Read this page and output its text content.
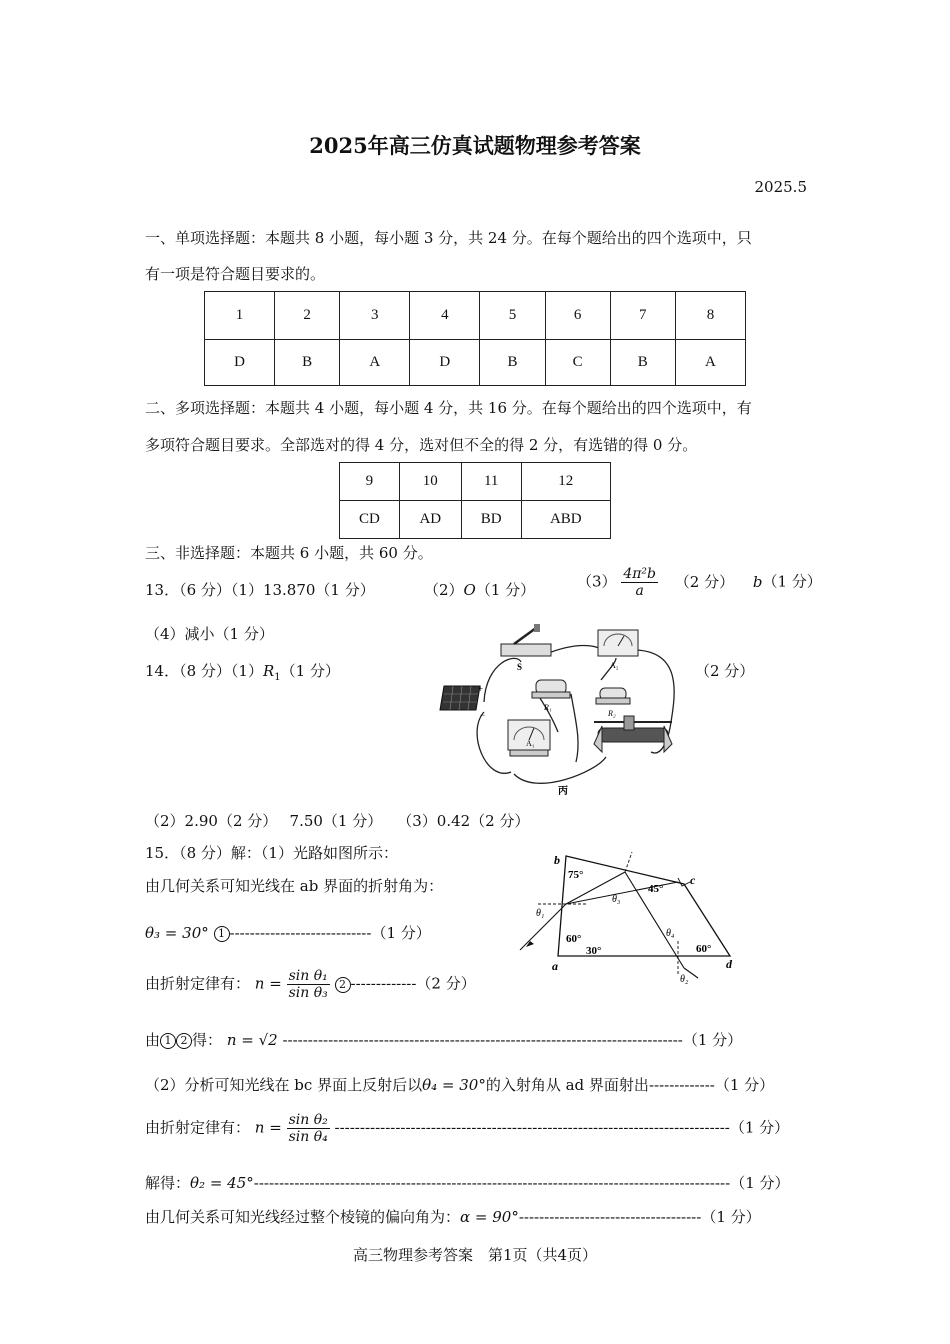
2025年高三仿真试题物理参考答案
2025.5
一、单项选择题：本题共 8 小题，每小题 3 分，共 24 分。在每个题给出的四个选项中，只
有一项是符合题目要求的。
1	2	3	4	5	6	7	8
D	B	A	D	B	C	B	A
二、多项选择题：本题共 4 小题，每小题 4 分，共 16 分。在每个题给出的四个选项中，有
多项符合题目要求。全部选对的得 4 分，选对但不全的得 2 分，有选错的得 0 分。
9	10	11	12
CD	AD	BD	ABD
三、非选择题：本题共 6 小题，共 60 分。
13．（6 分）（1）13.870（1 分）	（2）O（1 分）	$(3) \frac{\text{4π²b}}{a} (2$ 分） b（1 分）
（4）减小（1 分）
14．（8 分）$(1)R_1(1$ 分）	（2 分）
+
−
S	A₂
R₁
R₂
A₁
丙
（2）2.90（2 分）　 7.50（1 分）　　（3）0.42（2 分）
15．（8 分）解：（1）光路如图所示：
由几何关系可知光线在 ab 界面的折射角为：
θ₃ = 30° 1 ----------------------------（1 分）
由折射定律有： $n = \frac{\text{sin θ₁}}{\text{sin θ₃}} 2$ -------------（2 分）
由 1 2 得： n = √2 -------------------------------------------------------------------------------（1 分）
（2）分析可知光线在 bc 界面上反射后以θ₄ = 30°的入射角从 ad 界面射出-------------（1 分）
由折射定律有： $n = \frac{\text{sin θ₂}}{\text{sin θ₄}} ------------------------------------------------------------------------------(1$ 分）
解得：θ₂ = 45°----------------------------------------------------------------------------------------------（1 分）
由几何关系可知光线经过整个棱镜的偏向角为：α = 90°------------------------------------（1 分）
b
c
a	d
75°
45°
60°
30°	60°
θ₁
θ₃
θ₄
θ₂
高三物理参考答案　第1页（共4页）
